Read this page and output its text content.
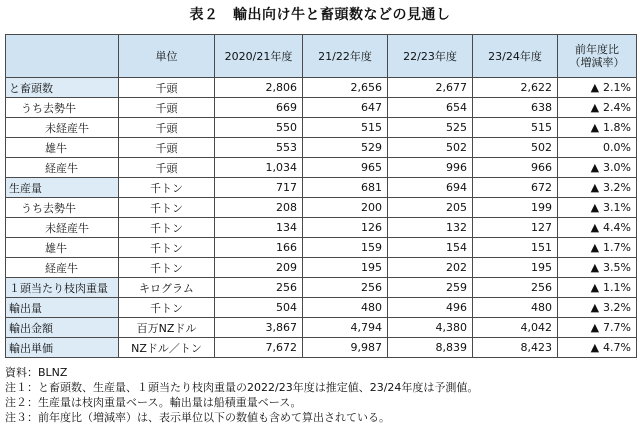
表２　輸出向け牛と畜頭数などの見通し
	単位	2020/21年度	21/22年度	22/23年度	23/24年度	前年度比
（増減率）

と畜頭数	千頭	2,806	2,656	2,677	2,622	▲ 2.1%
うち去勢牛	千頭	669	647	654	638	▲ 2.4%
未経産牛	千頭	550	515	525	515	▲ 1.8%
雄牛	千頭	553	529	502	502	0.0%
経産牛	千頭	1,034	965	996	966	▲ 3.0%
生産量	千トン	717	681	694	672	▲ 3.2%
うち去勢牛	千トン	208	200	205	199	▲ 3.1%
未経産牛	千トン	134	126	132	127	▲ 4.4%
雄牛	千トン	166	159	154	151	▲ 1.7%
経産牛	千トン	209	195	202	195	▲ 3.5%
１頭当たり枝肉重量	キログラム	256	256	259	256	▲ 1.1%
輸出量	千トン	504	480	496	480	▲ 3.2%
輸出金額	百万NZドル	3,867	4,794	4,380	4,042	▲ 7.7%
輸出単価	NZドル／トン	7,672	9,987	8,839	8,423	▲ 4.7%
資料：BLNZ
注１：と畜頭数、生産量、１頭当たり枝肉重量の2022/23年度は推定値、23/24年度は予測値。
注２：生産量は枝肉重量ベース。輸出量は船積重量ベース。
注３：前年度比（増減率）は、表示単位以下の数値も含めて算出されている。
